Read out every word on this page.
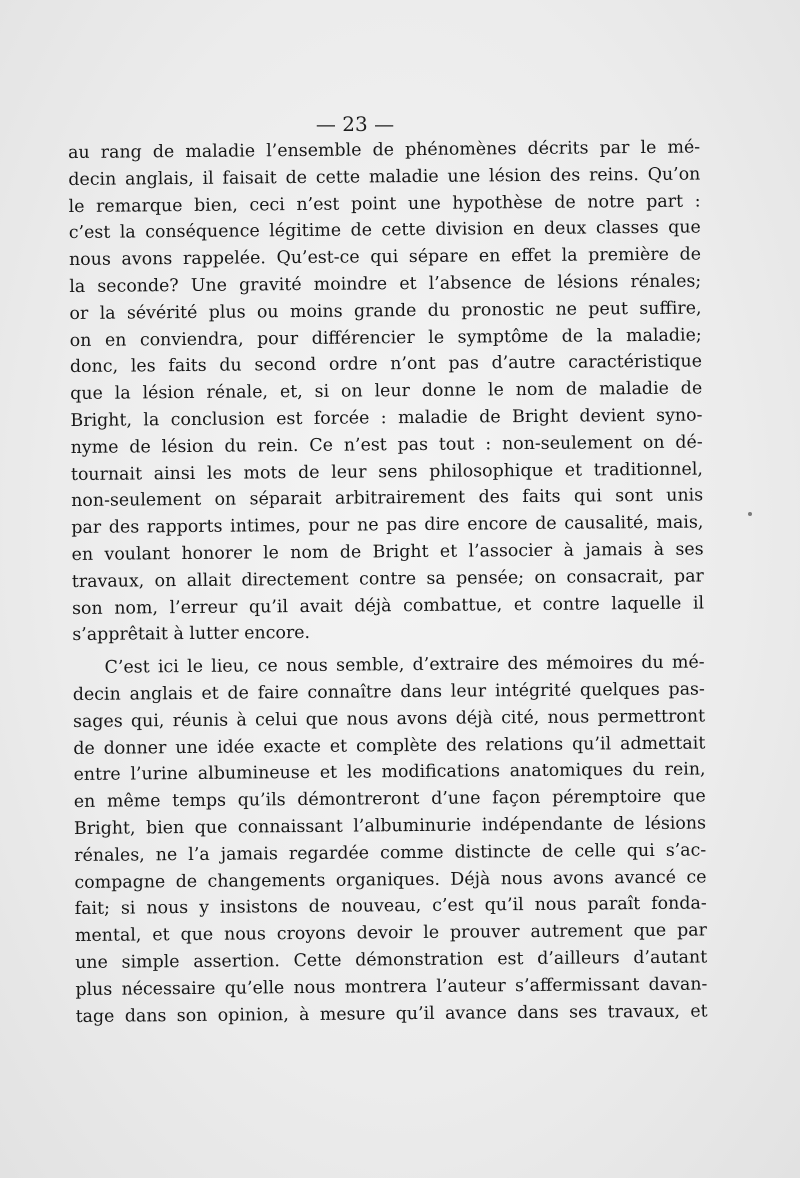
— 23 —
au rang de maladie l’ensemble de phénomènes décrits par le mé-
decin anglais, il faisait de cette maladie une lésion des reins. Qu’on
le remarque bien, ceci n’est point une hypothèse de notre part :
c’est la conséquence légitime de cette division en deux classes que
nous avons rappelée. Qu’est-ce qui sépare en effet la première de
la seconde? Une gravité moindre et l’absence de lésions rénales;
or la sévérité plus ou moins grande du pronostic ne peut suffire,
on en conviendra, pour différencier le symptôme de la maladie;
donc, les faits du second ordre n’ont pas d’autre caractéristique
que la lésion rénale, et, si on leur donne le nom de maladie de
Bright, la conclusion est forcée : maladie de Bright devient syno-
nyme de lésion du rein. Ce n’est pas tout : non-seulement on dé-
tournait ainsi les mots de leur sens philosophique et traditionnel,
non-seulement on séparait arbitrairement des faits qui sont unis
par des rapports intimes, pour ne pas dire encore de causalité, mais,
en voulant honorer le nom de Bright et l’associer à jamais à ses
travaux, on allait directement contre sa pensée; on consacrait, par
son nom, l’erreur qu’il avait déjà combattue, et contre laquelle il
s’apprêtait à lutter encore.
C’est ici le lieu, ce nous semble, d’extraire des mémoires du mé-
decin anglais et de faire connaître dans leur intégrité quelques pas-
sages qui, réunis à celui que nous avons déjà cité, nous permettront
de donner une idée exacte et complète des relations qu’il admettait
entre l’urine albumineuse et les modifications anatomiques du rein,
en même temps qu’ils démontreront d’une façon péremptoire que
Bright, bien que connaissant l’albuminurie indépendante de lésions
rénales, ne l’a jamais regardée comme distincte de celle qui s’ac-
compagne de changements organiques. Déjà nous avons avancé ce
fait; si nous y insistons de nouveau, c’est qu’il nous paraît fonda-
mental, et que nous croyons devoir le prouver autrement que par
une simple assertion. Cette démonstration est d’ailleurs d’autant
plus nécessaire qu’elle nous montrera l’auteur s’affermissant davan-
tage dans son opinion, à mesure qu’il avance dans ses travaux, et
